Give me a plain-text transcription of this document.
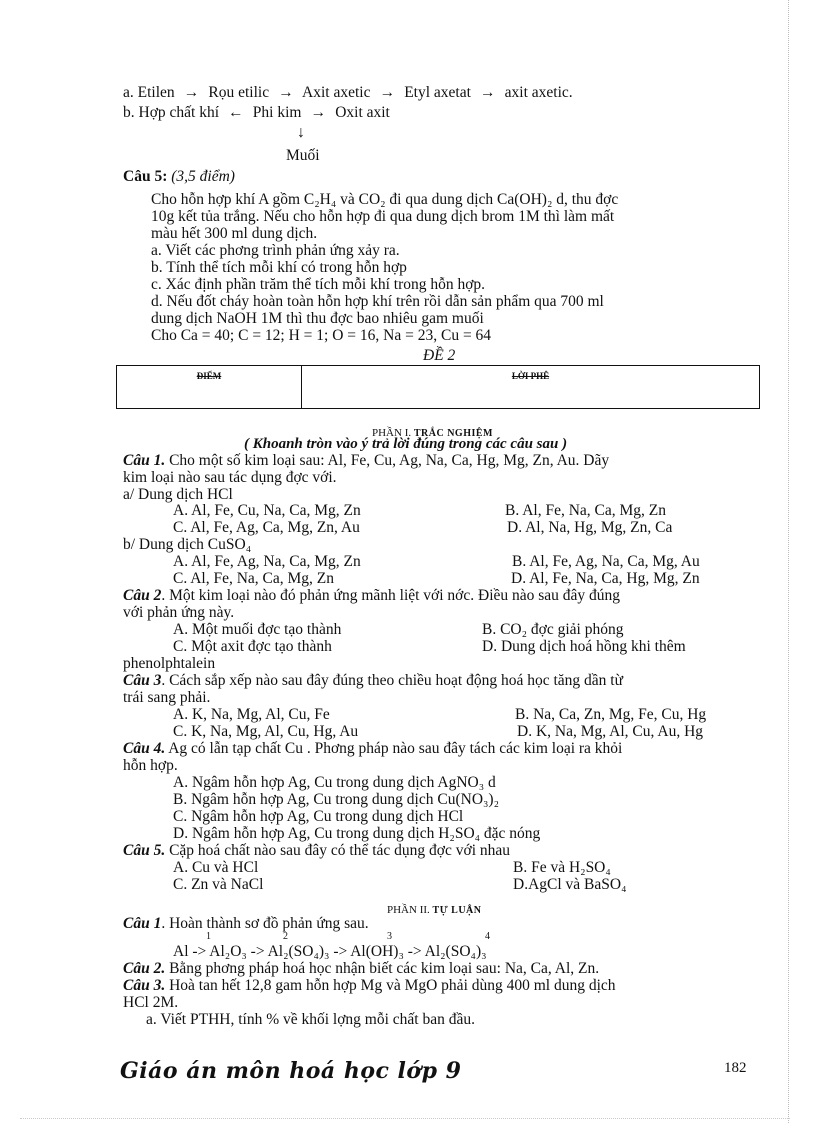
a. Etilen → Rọu etilic → Axit axetic → Etyl axetat → axit axetic.
b. Hợp chất khí ← Phi kim → Oxit axit
↓
Muối
Câu 5: (3,5 điểm)
Cho hỗn hợp khí A gồm C₂H₄ và CO₂ đi qua dung dịch Ca(OH)₂ d, thu đợc
10g kết tủa trắng. Nếu cho hỗn hợp đi qua dung dịch brom 1M thì làm mất
màu hết 300 ml dung dịch.
a. Viết các phơng trình phản ứng xảy ra.
b. Tính thể tích mỗi khí có trong hỗn hợp
c. Xác định phần trăm thể tích mỗi khí trong hỗn hợp.
d. Nếu đốt cháy hoàn toàn hỗn hợp khí trên rồi dẫn sản phẩm qua 700 ml
dung dịch NaOH 1M thì thu đợc bao nhiêu gam muối
Cho Ca = 40; C = 12; H = 1; O = 16, Na = 23, Cu = 64
ĐỀ 2
ĐIỂM	LỜI PHÊ
PHẦN I. TRẮC NGHIỆM
( Khoanh tròn vào ý trả lời đúng trong các câu sau )
Câu 1. Cho một số kim loại sau: Al, Fe, Cu, Ag, Na, Ca, Hg, Mg, Zn, Au. Dãy
kim loại nào sau tác dụng đợc với.
a/ Dung dịch HCl
A. Al, Fe, Cu, Na, Ca, Mg, Zn	B. Al, Fe, Na, Ca, Mg, Zn
C. Al, Fe, Ag, Ca, Mg, Zn, Au	D. Al, Na, Hg, Mg, Zn, Ca
b/ Dung dịch CuSO₄
A. Al, Fe, Ag, Na, Ca, Mg, Zn	B. Al, Fe, Ag, Na, Ca, Mg, Au
C. Al, Fe, Na, Ca, Mg, Zn	D. Al, Fe, Na, Ca, Hg, Mg, Zn
Câu 2. Một kim loại nào đó phản ứng mãnh liệt với nớc. Điều nào sau đây đúng
với phản ứng này.
A. Một muối đợc tạo thành	B. CO₂ đợc giải phóng
C. Một axit đợc tạo thành	D. Dung dịch hoá hồng khi thêm
phenolphtalein
Câu 3. Cách sắp xếp nào sau đây đúng theo chiều hoạt động hoá học tăng dần từ
trái sang phải.
A. K, Na, Mg, Al, Cu, Fe	B. Na, Ca, Zn, Mg, Fe, Cu, Hg
C. K, Na, Mg, Al, Cu, Hg, Au	D. K, Na, Mg, Al, Cu, Au, Hg
Câu 4. Ag có lẫn tạp chất Cu . Phơng pháp nào sau đây tách các kim loại ra khỏi
hỗn hợp.
A. Ngâm hỗn hợp Ag, Cu trong dung dịch AgNO₃ d
B. Ngâm hỗn hợp Ag, Cu trong dung dịch Cu(NO₃)₂
C. Ngâm hỗn hợp Ag, Cu trong dung dịch HCl
D. Ngâm hỗn hợp Ag, Cu trong dung dịch H₂SO₄ đặc nóng
Câu 5. Cặp hoá chất nào sau đây có thể tác dụng đợc với nhau
A. Cu và HCl	B. Fe và H₂SO₄
C. Zn và NaCl	D.AgCl và BaSO₄
PHẦN II. TỰ LUẬN
Câu 1. Hoàn thành sơ đồ phản ứng sau.
1	2	3	4
Al -> Al₂O₃ -> Al₂(SO₄)₃ -> Al(OH)₃ -> Al₂(SO₄)₃
Câu 2. Bằng phơng pháp hoá học nhận biết các kim loại sau: Na, Ca, Al, Zn.
Câu 3. Hoà tan hết 12,8 gam hỗn hợp Mg và MgO phải dùng 400 ml dung dịch
HCl 2M.
a. Viết PTHH, tính % về khối lợng mỗi chất ban đầu.
Giáo án môn hoá học lớp 9	182
